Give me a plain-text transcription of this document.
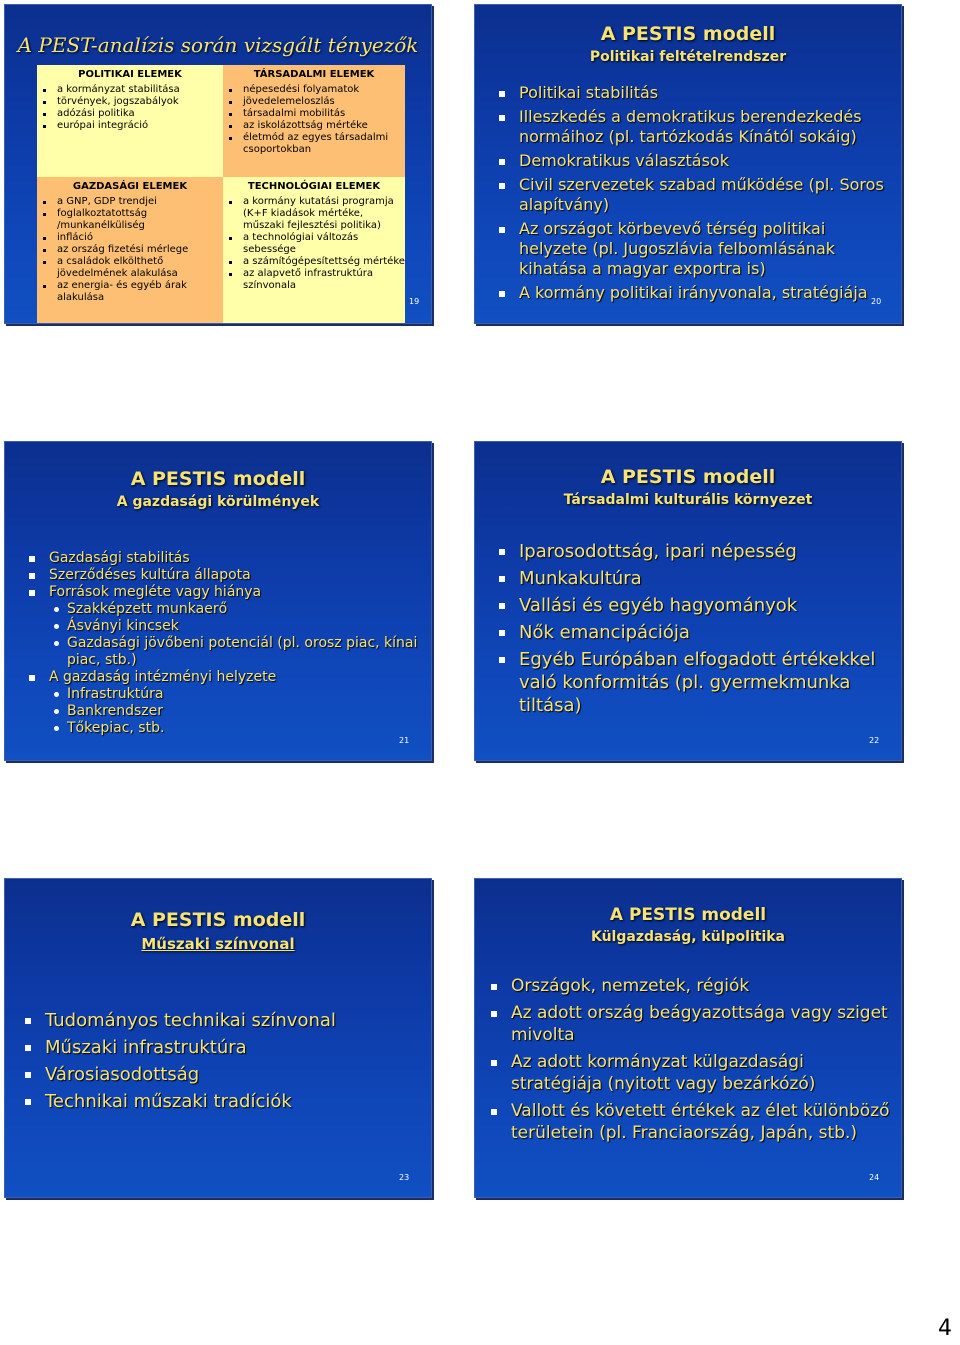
A PEST-analízis során vizsgált tényezők
POLITIKAI ELEMEK
a kormányzat stabilitása
törvények, jogszabályok
adózási politika
európai integráció
TÁRSADALMI ELEMEK
népesedési folyamatok
jövedelemeloszlás
társadalmi mobilitás
az iskolázottság mértéke
életmód az egyes társadalmi csoportokban
GAZDASÁGI ELEMEK
a GNP, GDP trendjei
foglalkoztatottság /munkanélküliség
infláció
az ország fizetési mérlege
a családok elkölthető jövedelmének alakulása
az energia- és egyéb árak alakulása
TECHNOLÓGIAI ELEMEK
a kormány kutatási programja (K+F kiadások mértéke, műszaki fejlesztési politika)
a technológiai változás sebessége
a számítógépesítettség mértéke
az alapvető infrastruktúra színvonala
19
A PESTIS modell
Politikai feltételrendszer
Politikai stabilitás
Illeszkedés a demokratikus berendezkedés normáihoz (pl. tartózkodás Kínától sokáig)
Demokratikus választások
Civil szervezetek szabad működése (pl. Soros alapítvány)
Az országot körbevevő térség politikai helyzete (pl. Jugoszlávia felbomlásának kihatása a magyar exportra is)
A kormány politikai irányvonala, stratégiája 20
A PESTIS modell
A gazdasági körülmények
Gazdasági stabilitás
Szerződéses kultúra állapota
Források megléte vagy hiánya
Szakképzett munkaerő
Ásványi kincsek
Gazdasági jövőbeni potenciál (pl. orosz piac, kínai piac, stb.)
A gazdaság intézményi helyzete
Infrastruktúra
Bankrendszer
Tőkepiac, stb.
21
A PESTIS modell
Társadalmi kulturális környezet
Iparosodottság, ipari népesség
Munkakultúra
Vallási és egyéb hagyományok
Nők emancipációja
Egyéb Európában elfogadott értékekkel való konformitás (pl. gyermekmunka tiltása)
22
A PESTIS modell
Műszaki színvonal
Tudományos technikai színvonal
Műszaki infrastruktúra
Városiasodottság
Technikai műszaki tradíciók
23
A PESTIS modell
Külgazdaság, külpolitika
Országok, nemzetek, régiók
Az adott ország beágyazottsága vagy sziget mivolta
Az adott kormányzat külgazdasági stratégiája (nyitott vagy bezárkózó)
Vallott és követett értékek az élet különböző területein (pl. Franciaország, Japán, stb.)
24
4
